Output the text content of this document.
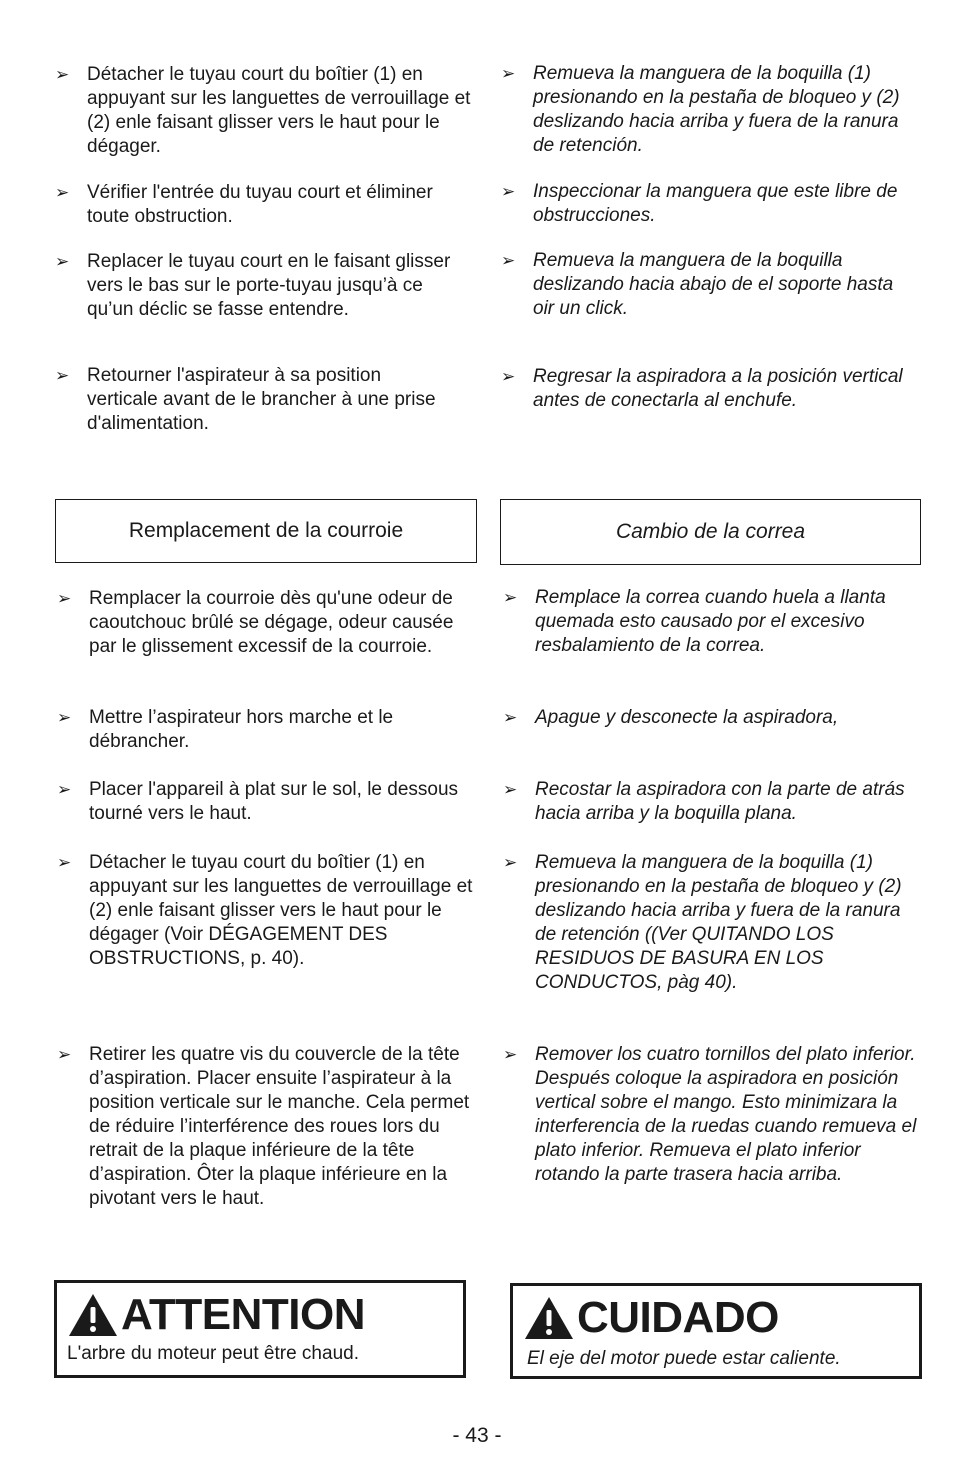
➢ Détacher le tuyau court du boîtier (1) en appuyant sur les languettes de verrouillage et (2) enle faisant glisser vers le haut pour le dégager.
➢ Vérifier l'entrée du tuyau court et éliminer toute obstruction.
➢ Replacer le tuyau court en le faisant glisser vers le bas sur le porte-tuyau jusqu’à ce qu’un déclic se fasse entendre.
➢ Retourner l'aspirateur à sa position verticale avant de le brancher à une prise d'alimentation.
➢ Remueva la manguera de la boquilla (1) presionando en la pestaña de bloqueo y (2) deslizando hacia arriba y fuera de la ranura de retención.
➢ Inspeccionar la manguera que este libre de obstrucciones.
➢ Remueva la manguera de la boquilla deslizando hacia abajo de el soporte hasta oir un click.
➢ Regresar la aspiradora a la posición vertical antes de conectarla al enchufe.
Remplacement de la courroie	Cambio de la correa
➢ Remplacer la courroie dès qu'une odeur de caoutchouc brûlé se dégage, odeur causée par le glissement excessif de la courroie.
➢ Mettre l’aspirateur hors marche et le débrancher.
➢ Placer l'appareil à plat sur le sol, le dessous tourné vers le haut.
➢ Détacher le tuyau court du boîtier (1) en appuyant sur les languettes de verrouillage et (2) enle faisant glisser vers le haut pour le dégager (Voir DÉGAGEMENT DES OBSTRUCTIONS, p. 40).
➢ Retirer les quatre vis du couvercle de la tête d’aspiration. Placer ensuite l’aspirateur à la position verticale sur le manche. Cela permet de réduire l’interférence des roues lors du retrait de la plaque inférieure de la tête d’aspiration. Ôter la plaque inférieure en la pivotant vers le haut.
➢ Remplace la correa cuando huela a llanta quemada esto causado por el excesivo resbalamiento de la correa.
➢ Apague y desconecte la aspiradora,
➢ Recostar la aspiradora con la parte de atrás hacia arriba y la boquilla plana.
➢ Remueva la manguera de la boquilla (1) presionando en la pestaña de bloqueo y (2) deslizando hacia arriba y fuera de la ranura de retención ((Ver QUITANDO LOS RESIDUOS DE BASURA EN LOS CONDUCTOS, pàg 40).
➢ Remover los cuatro tornillos del plato inferior. Después coloque la aspiradora en posición vertical sobre el mango. Esto minimizara la interferencia de la ruedas cuando remueva el plato inferior. Remueva el plato inferior rotando la parte trasera hacia arriba.
ATTENTION
L'arbre du moteur peut être chaud.
CUIDADO
El eje del motor puede estar caliente.
- 43 -
